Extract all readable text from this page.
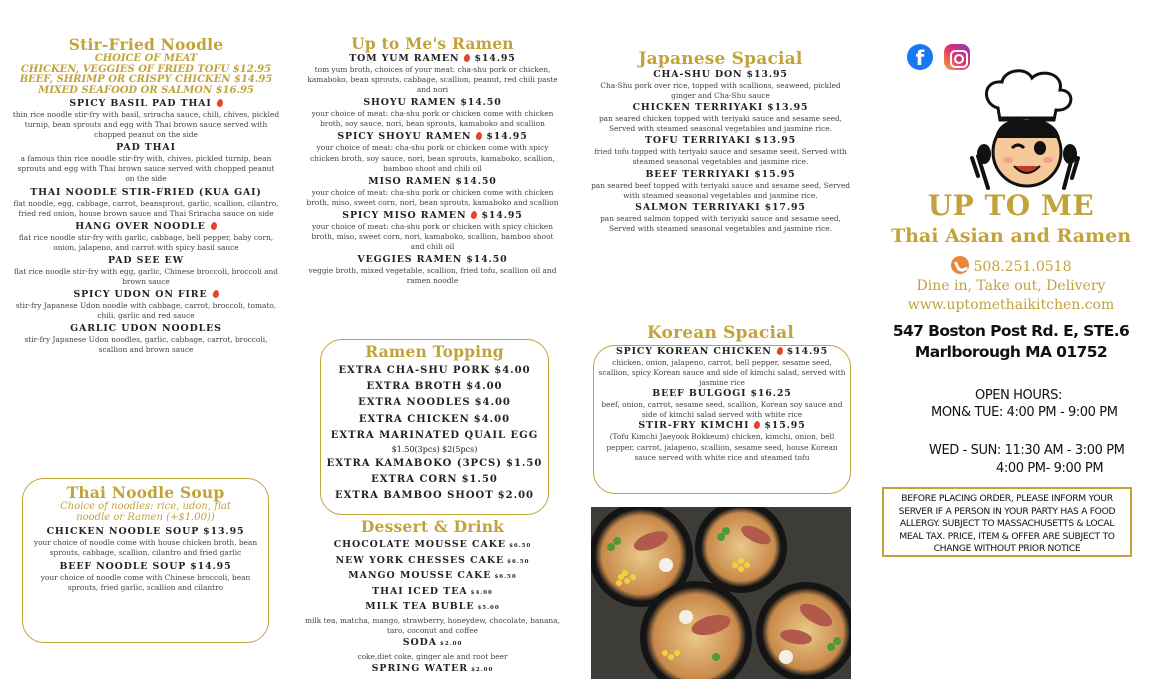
Stir-Fried Noodle
CHOICE OF MEAT
CHICKEN, VEGGIES OF FRIED TOFU $12.95
BEEF, SHRIMP OR CRISPY CHICKEN $14.95
MIXED SEAFOOD OR SALMON $16.95
SPICY BASIL PAD THAI
thin rice noodle stir-fry with basil, sriracha sauce, chili, chives, pickled turnip, bean sprouts and egg with Thai brown sauce served with chopped peanut on the side
PAD THAI
a famous thin rice noodle stir-fry with, chives, pickled turnip, bean sprouts and egg with Thai brown sauce served with chopped peanut on the side
THAI NOODLE STIR-FRIED (KUA GAI)
flat noodle, egg, cabbage, carrot, beansprout, garlic, scallion, cilantro, fried red onion, house brown sauce and Thai Sriracha sauce on side
HANG OVER NOODLE
flat rice noodle stir-fry with garlic, cabbage, bell pepper, baby corn, onion, jalapeno, and carrot with spicy basil sauce
PAD SEE EW
flat rice noodle stir-fry with egg, garlic, Chinese broccoli, broccoli and brown sauce
SPICY UDON ON FIRE
stir-fry Japanese Udon noodle with cabbage, carrot, broccoli, tomato, chili, garlic and red sauce
GARLIC UDON NOODLES
stir-fry Japanese Udon noodles, garlic, cabbage, carrot, broccoli, scallion and brown sauce
Thai Noodle Soup
Choice of noodles: rice, udon, flat
noodle or Ramen (+$1.00))
CHICKEN NOODLE SOUP $13.95
your choice of noodle come with house chicken broth, bean sprouts, cabbage, scallion, cilantro and fried garlic
BEEF NOODLE SOUP $14.95
your choice of noodle come with Chinese broccoli, bean sprouts, fried garlic, scallion and cilantro
Up to Me's Ramen
TOM YUM RAMEN $14.95
tom yum broth, choices of your meat: cha-shu pork or chicken, kamaboko, bean sprouts, cabbage, scallion, peanut, red chili paste and nori
SHOYU RAMEN $14.50
your choice of meat: cha-shu pork or chicken come with chicken broth, soy sauce, nori, bean sprouts, kamaboko and scallion
SPICY SHOYU RAMEN $14.95
your choice of meat: cha-shu pork or chicken come with spicy chicken broth, soy sauce, nori, bean sprouts, kamaboko, scallion, bamboo shoot and chili oil
MISO RAMEN $14.50
your choice of meat: cha-shu pork or chicken come with chicken broth, miso, sweet corn, nori, bean sprouts, kamaboko and scallion
SPICY MISO RAMEN $14.95
your choice of meat: cha-shu pork or chicken with spicy chicken broth, miso, sweet corn, nori, kamaboko, scallion, bamboo shoot and chili oil
VEGGIES RAMEN $14.50
veggie broth, mixed vegetable, scallion, fried tofu, scallion oil and ramen noodle
Ramen Topping
EXTRA CHA-SHU PORK $4.00
EXTRA BROTH $4.00
EXTRA NOODLES $4.00
EXTRA CHICKEN $4.00
EXTRA MARINATED QUAIL EGG
$1.50(3pcs) $2(5pcs)
EXTRA KAMABOKO (3PCS) $1.50
EXTRA CORN $1.50
EXTRA BAMBOO SHOOT $2.00
Dessert & Drink
CHOCOLATE MOUSSE CAKE $6.50
NEW YORK CHESSES CAKE $6.50
MANGO MOUSSE CAKE $6.50
THAI ICED TEA $4.00
MILK TEA BUBLE $5.00
milk tea, matcha, mango, strawberry, honeydew, chocolate, banana, taro, coconut and coffee
SODA $2.00
coke,diet coke, ginger ale and root beer
SPRING WATER $2.00
Japanese Spacial
CHA-SHU DON $13.95
Cha-Shu pork over rice, topped with scallions, seaweed, pickled ginger and Cha-Shu sauce
CHICKEN TERRIYAKI $13.95
pan seared chicken topped with teriyaki sauce and sesame seed, Served with steamed seasonal vegetables and jasmine rice.
TOFU TERRIYAKI $13.95
fried tofu topped with teriyaki sauce and sesame seed, Served with steamed seasonal vegetables and jasmine rice.
BEEF TERRIYAKI $15.95
pan seared beef topped with teriyaki sauce and sesame seed, Served with steamed seasonal vegetables and jasmine rice.
SALMON TERRIYAKI $17.95
pan seared salmon topped with teriyaki sauce and sesame seed, Served with steamed seasonal vegetables and jasmine rice.
Korean Spacial
SPICY KOREAN CHICKEN $14.95
chicken, onion, jalapeno, carrot, bell pepper, sesame seed, scallion, spicy Korean sauce and side of kimchi salad, served with jasmine rice
BEEF BULGOGI $16.25
beef, onion, carrot, sesame seed, scallion, Korean soy sauce and side of kimchi salad served with white rice
STIR-FRY KIMCHI $15.95
(Tofu Kimchi Jaeyook Bokkeum) chicken, kimchi, onion, bell pepper, carrot, jalapeno, scallion, sesame seed, house Korean sauce served with white rice and steamed tofu
f
UP TO ME
Thai Asian and Ramen
508.251.0518
Dine in, Take out, Delivery
www.uptomethaikitchen.com
547 Boston Post Rd. E, STE.6
Marlborough MA 01752
OPEN HOURS:
MON& TUE: 4:00 PM - 9:00 PM
WED - SUN: 11:30 AM - 3:00 PM
4:00 PM- 9:00 PM
BEFORE PLACING ORDER, PLEASE INFORM YOUR SERVER IF A PERSON IN YOUR PARTY HAS A FOOD ALLERGY. SUBJECT TO MASSACHUSETTS & LOCAL MEAL TAX. PRICE, ITEM & OFFER ARE SUBJECT TO CHANGE WITHOUT PRIOR NOTICE
